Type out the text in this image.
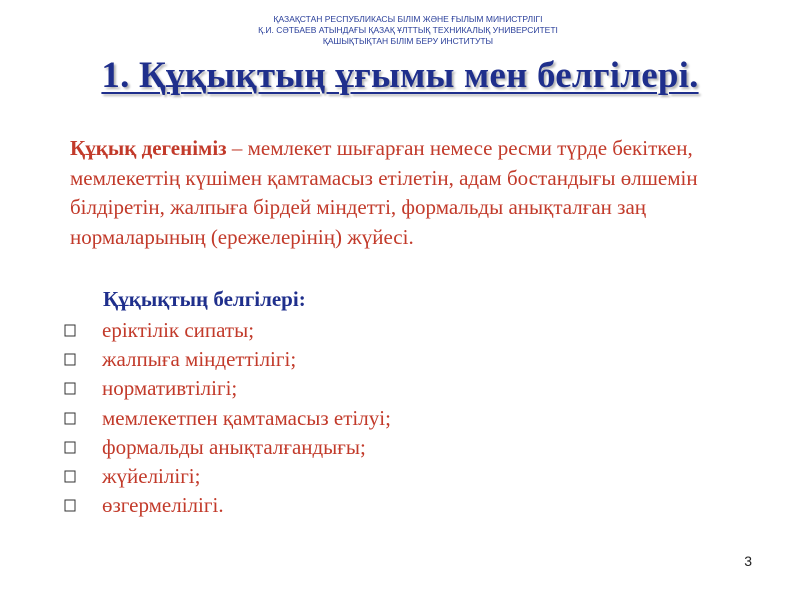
ҚАЗАҚСТАН РЕСПУБЛИКАСЫ БІЛІМ ЖӘНЕ ҒЫЛЫМ МИНИСТРЛІГІ
Қ.И. СӘТБАЕВ АТЫНДАҒЫ ҚАЗАҚ ҰЛТТЫҚ ТЕХНИКАЛЫҚ УНИВЕРСИТЕТІ
ҚАШЫҚТЫҚТАН БІЛІМ БЕРУ ИНСТИТУТЫ
1. Құқықтың ұғымы мен белгілері.
Құқық дегеніміз – мемлекет шығарған немесе ресми түрде бекіткен, мемлекеттің күшімен қамтамасыз етілетін, адам бостандығы өлшемін білдіретін, жалпыға бірдей міндетті, формальды анықталған заң нормаларының (ережелерінің) жүйесі.
Құқықтың белгілері:
еріктілік сипаты;
жалпыға міндеттілігі;
нормативтілігі;
мемлекетпен қамтамасыз етілуі;
формальды анықталғандығы;
жүйелілігі;
өзгермелілігі.
3
